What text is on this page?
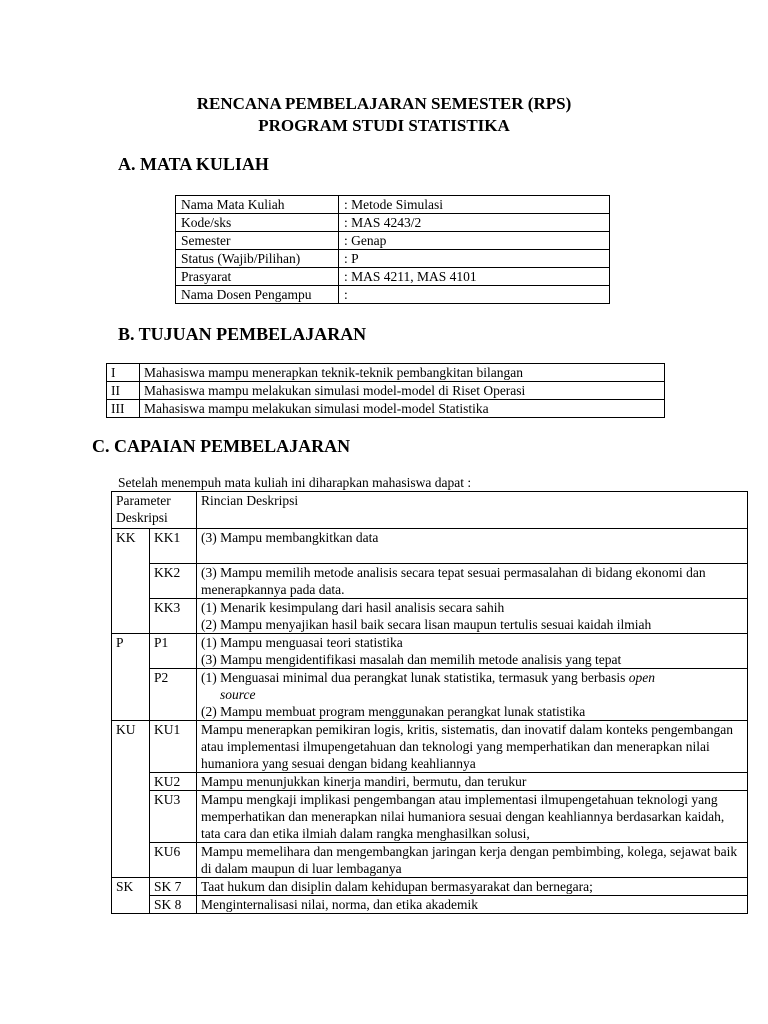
RENCANA PEMBELAJARAN SEMESTER (RPS)
PROGRAM STUDI STATISTIKA
A. MATA KULIAH
Nama Mata Kuliah	: Metode Simulasi
Kode/sks	: MAS 4243/2
Semester	: Genap
Status (Wajib/Pilihan)	: P
Prasyarat	: MAS 4211, MAS 4101
Nama Dosen Pengampu	:
B. TUJUAN PEMBELAJARAN
I	Mahasiswa mampu menerapkan teknik-teknik pembangkitan bilangan
II	Mahasiswa mampu melakukan simulasi model-model di Riset Operasi
III	Mahasiswa mampu melakukan simulasi model-model Statistika
C. CAPAIAN PEMBELAJARAN
Setelah menempuh mata kuliah ini diharapkan mahasiswa dapat :
Parameter Deskripsi		Rincian Deskripsi
KK	KK1	(3) Mampu membangkitkan data
	KK2	(3) Mampu memilih metode analisis secara tepat sesuai permasalahan di bidang ekonomi dan menerapkannya pada data.
	KK3	(1) Menarik kesimpulang dari hasil analisis secara sahih
(2) Mampu menyajikan hasil baik secara lisan maupun tertulis sesuai kaidah ilmiah

P	P1	(1) Mampu menguasai teori statistika
(3) Mampu mengidentifikasi masalah dan memilih metode analisis yang tepat

	P2	(1) Menguasai minimal dua perangkat lunak statistika, termasuk yang berbasis open
source
(2) Mampu membuat program menggunakan perangkat lunak statistika

KU	KU1	Mampu menerapkan pemikiran logis, kritis, sistematis, dan inovatif dalam konteks pengembangan atau implementasi ilmupengetahuan dan teknologi yang memperhatikan dan menerapkan nilai humaniora yang sesuai dengan bidang keahliannya
	KU2	Mampu menunjukkan kinerja mandiri, bermutu, dan terukur
	KU3	Mampu mengkaji implikasi pengembangan atau implementasi ilmupengetahuan teknologi yang memperhatikan dan menerapkan nilai humaniora sesuai dengan keahliannya berdasarkan kaidah, tata cara dan etika ilmiah dalam rangka menghasilkan solusi,
	KU6	Mampu memelihara dan mengembangkan jaringan kerja dengan pembimbing, kolega, sejawat baik di dalam maupun di luar lembaganya
SK	SK 7	Taat hukum dan disiplin dalam kehidupan bermasyarakat dan bernegara;
	SK 8	Menginternalisasi nilai, norma, dan etika akademik
